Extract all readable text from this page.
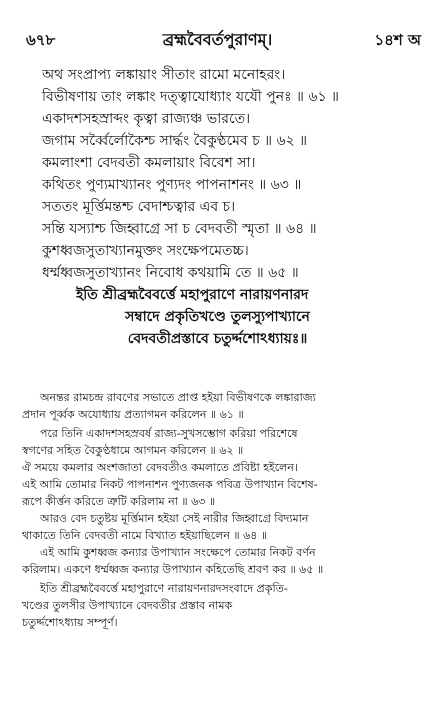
৬৭৮	ব্রহ্মবৈবর্তপুরাণম্।	১৪শ অ
অথ সংপ্রাপ্য লঙ্কায়াং সীতাং রামো মনোহরং।
বিভীষণায় তাং লঙ্কাং দত্ত্বাযোধ্যাং যযৌ পুনঃ ॥ ৬১ ॥
একাদশসহস্রাব্দং কৃত্বা রাজ্যঞ্চ ভারতে।
জগাম সর্ব্বৈর্লোকৈশ্চ সার্দ্ধং বৈকুণ্ঠমেব চ ॥ ৬২ ॥
কমলাংশা বেদবতী কমলায়াং বিবেশ সা।
কথিতং পুণ্যমাখ্যানং পুণ্যদং পাপনাশনং ॥ ৬৩ ॥
সততং মূর্ত্তিমন্তশ্চ বেদাশ্চত্বার এব চ।
সন্তি যস্যাশ্চ জিহ্বাগ্রে সা চ বেদবতী স্মৃতা ॥ ৬৪ ॥
কুশধ্বজসুতাখ্যানমুক্তং সংক্ষেপমেতচ্চ।
ধর্ম্মধ্বজসুতাখ্যানং নিবোধ কথয়ামি তে ॥ ৬৫ ॥
ইতি শ্রীব্রহ্মবৈবর্ত্তে মহাপুরাণে নারায়ণনারদ
সম্বাদে প্রকৃতিখণ্ডে তুলস্যুপাখ্যানে
বেদবতীপ্রস্তাবে চতুর্দ্দশোঽধ্যায়ঃ॥
অনন্তর রামচন্দ্র রাবণের সভাতে প্রাপ্ত হইয়া বিভীষণকে লঙ্কারাজ্য
প্রদান পূর্ব্বক অযোধ্যায় প্রত্যাগমন করিলেন ॥ ৬১ ॥
পরে তিনি একাদশসহস্রবর্ষ রাজ্য-সুখসম্ভোগ করিয়া পরিশেষে
স্বগণের সহিত বৈকুণ্ঠধামে আগমন করিলেন ॥ ৬২ ॥
ঐ সময়ে কমলার অংশজাতা বেদবতীও কমলাতে প্রবিষ্টা হইলেন।
এই আমি তোমার নিকট পাপনাশন পুণ্যজনক পবিত্র উপাখ্যান বিশেষ-
রূপে কীর্ত্তন করিতে ত্রুটি করিলাম না ॥ ৬৩ ॥
আরও বেদ চতুষ্টয় মূর্ত্তিমান হইয়া সেই নারীর জিহ্বাগ্রে বিদ্যমান
থাকাতে তিনি বেদবতী নামে বিখ্যাত হইয়াছিলেন ॥ ৬৪ ॥
এই আমি কুশধ্বজ কন্যার উপাখ্যান সংক্ষেপে তোমার নিকট বর্ণন
করিলাম। একণে ধর্ম্মধ্বজ কন্যার উপাখ্যান কহিতেছি শ্রবণ কর ॥ ৬৫ ॥
ইতি শ্রীব্রহ্মবৈবর্ত্তে মহাপুরাণে নারায়ণনারদসংবাদে প্রকৃতি-
খণ্ডের তুলসীর উপাখ্যানে বেদবতীর প্রস্তাব নামক
চতুর্দ্দশোঽধ্যায় সম্পূর্ণ।
